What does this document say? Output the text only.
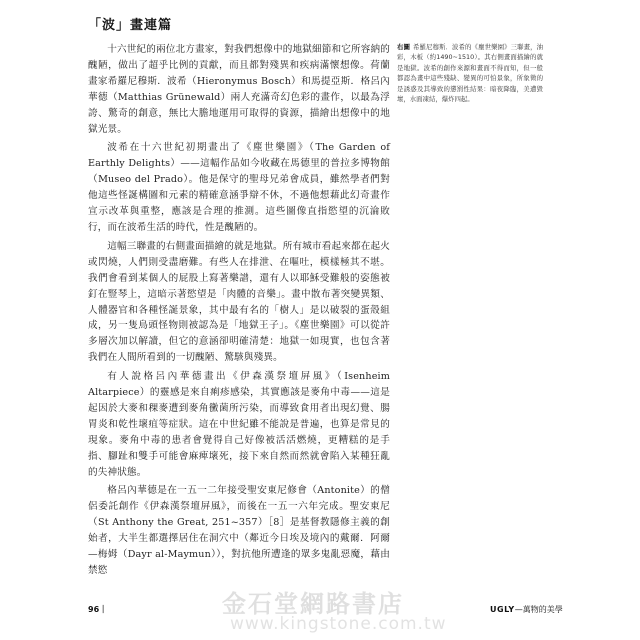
「波」畫連篇

十六世紀的兩位北方畫家，對我們想像中的地獄細節和它所容納的醜陋，做出了超乎比例的貢獻，而且都對殘異和疾病滿懷想像。荷蘭畫家希羅尼穆斯．波希（Hieronymus Bosch）和馬提亞斯．格呂內華德（Matthias Grünewald）兩人充滿奇幻色彩的畫作，以最為浮誇、驚奇的創意，無比大膽地運用可取得的資源，描繪出想像中的地獄光景。

波希在十六世紀初期畫出了《塵世樂園》（The Garden of Earthly Delights）——這幅作品如今收藏在馬德里的普拉多博物館（Museo del Prado）。他是保守的聖母兄弟會成員，雖然學者們對他這些怪誕構圖和元素的精確意涵爭辯不休，不過他想藉此幻奇畫作宣示改革與重整，應該是合理的推測。這些圖像直指慾望的沉淪敗行，而在波希生活的時代，性是醜陋的。

這幅三聯畫的右側畫面描繪的就是地獄。所有城市看起來都在起火或閃燒，人們則受盡磨難。有些人在排泄、在嘔吐，模樣極其不堪。我們會看到某個人的屁股上寫著樂譜，還有人以耶穌受難般的姿態被釘在豎琴上，這暗示著慾望是「肉體的音樂」。畫中散布著突變異類、人體器官和各種怪誕景象，其中最有名的「樹人」是以破裂的蛋殼組成，另一隻鳥頭怪物則被認為是「地獄王子」。《塵世樂園》可以從許多層次加以解讀，但它的意涵卻明確清楚：地獄一如現實，也包含著我們在人間所看到的一切醜陋、驚駭與殘異。

有人說格呂內華德畫出《伊森漢祭壇屏風》（Isenheim Altarpiece）的靈感是來自痢疹感染，其實應該是麥角中毒——這是起因於大麥和稞麥遭到麥角黴菌所污染，而導致食用者出現幻覺、腸胃炎和乾性壞疽等症狀。這在中世紀雖不能說是普遍，也算是常見的現象。麥角中毒的患者會覺得自己好像被活活燃燒，更糟糕的是手指、腳趾和雙手可能會麻痺壞死，接下來自然而然就會陷入某種狂亂的失神狀態。

格呂內華德是在一五一二年接受聖安東尼修會（Antonite）的僧侶委託創作《伊森漢祭壇屏風》，而後在一五一六年完成。聖安東尼（St Anthony the Great, 251~357）［8］是基督教隱修主義的創始者，大半生都選擇居住在洞穴中（鄰近今日埃及境內的戴爾．阿爾—梅姆（Dayr al-Maymun）），對抗他所遭逢的眾多鬼亂惡魔，藉由禁慾

右圖 希羅尼穆斯．波希的《塵世樂園》三聯畫，油彩，木板（約1490~1510）。其右側畫面描繪的就是地獄。波希的創作來源和畫面不得而知，但一般都認為畫中這些殘缺、變異的可怕景象，所象徵的是誘惑及其導致的懲罰性結果：暗夜降臨，美遭毀壞，水面凍結，爆炸四起。
金石堂網路書店
www.kingstone.com.tw
96｜	UGLY—萬物的美學
